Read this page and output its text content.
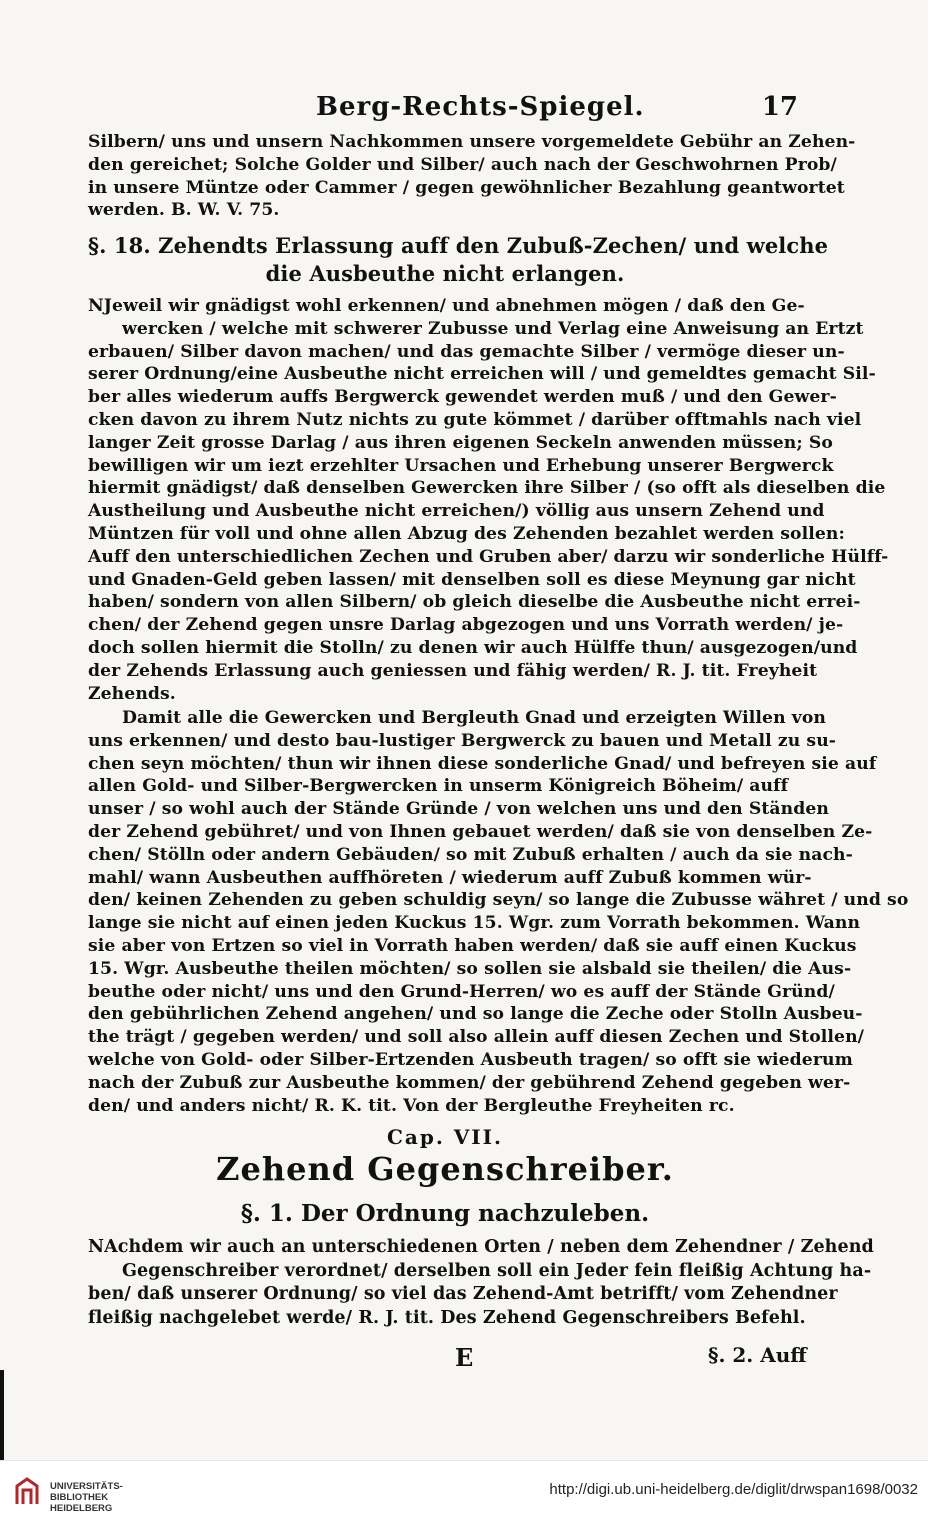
Berg-Rechts-Spiegel.	17
Silbern/ uns und unsern Nachkommen unsere vorgemeldete Gebühr an Zehen-
den gereichet; Solche Golder und Silber/ auch nach der Geschwohrnen Prob/
in unsere Müntze oder Cammer / gegen gewöhnlicher Bezahlung geantwortet
werden. B. W. V. 75.
§. 18. Zehendts Erlassung auff den Zubuß-Zechen/ und welche
die Ausbeuthe nicht erlangen.
NJeweil wir gnädigst wohl erkennen/ und abnehmen mögen / daß den Ge-
wercken / welche mit schwerer Zubusse und Verlag eine Anweisung an Ertzt
erbauen/ Silber davon machen/ und das gemachte Silber / vermöge dieser un-
serer Ordnung/eine Ausbeuthe nicht erreichen will / und gemeldtes gemacht Sil-
ber alles wiederum auffs Bergwerck gewendet werden muß / und den Gewer-
cken davon zu ihrem Nutz nichts zu gute kömmet / darüber offtmahls nach viel
langer Zeit grosse Darlag / aus ihren eigenen Seckeln anwenden müssen; So
bewilligen wir um iezt erzehlter Ursachen und Erhebung unserer Bergwerck
hiermit gnädigst/ daß denselben Gewercken ihre Silber / (so offt als dieselben die
Austheilung und Ausbeuthe nicht erreichen/) völlig aus unsern Zehend und
Müntzen für voll und ohne allen Abzug des Zehenden bezahlet werden sollen:
Auff den unterschiedlichen Zechen und Gruben aber/ darzu wir sonderliche Hülff-
und Gnaden-Geld geben lassen/ mit denselben soll es diese Meynung gar nicht
haben/ sondern von allen Silbern/ ob gleich dieselbe die Ausbeuthe nicht errei-
chen/ der Zehend gegen unsre Darlag abgezogen und uns Vorrath werden/ je-
doch sollen hiermit die Stolln/ zu denen wir auch Hülffe thun/ ausgezogen/und
der Zehends Erlassung auch geniessen und fähig werden/ R. J. tit. Freyheit
Zehends.
Damit alle die Gewercken und Bergleuth Gnad und erzeigten Willen von
uns erkennen/ und desto bau-lustiger Bergwerck zu bauen und Metall zu su-
chen seyn möchten/ thun wir ihnen diese sonderliche Gnad/ und befreyen sie auf
allen Gold- und Silber-Bergwercken in unserm Königreich Böheim/ auff
unser / so wohl auch der Stände Gründe / von welchen uns und den Ständen
der Zehend gebühret/ und von Ihnen gebauet werden/ daß sie von denselben Ze-
chen/ Stölln oder andern Gebäuden/ so mit Zubuß erhalten / auch da sie nach-
mahl/ wann Ausbeuthen auffhöreten / wiederum auff Zubuß kommen wür-
den/ keinen Zehenden zu geben schuldig seyn/ so lange die Zubusse währet / und so
lange sie nicht auf einen jeden Kuckus 15. Wgr. zum Vorrath bekommen. Wann
sie aber von Ertzen so viel in Vorrath haben werden/ daß sie auff einen Kuckus
15. Wgr. Ausbeuthe theilen möchten/ so sollen sie alsbald sie theilen/ die Aus-
beuthe oder nicht/ uns und den Grund-Herren/ wo es auff der Stände Gründ/
den gebührlichen Zehend angehen/ und so lange die Zeche oder Stolln Ausbeu-
the trägt / gegeben werden/ und soll also allein auff diesen Zechen und Stollen/
welche von Gold- oder Silber-Ertzenden Ausbeuth tragen/ so offt sie wiederum
nach der Zubuß zur Ausbeuthe kommen/ der gebührend Zehend gegeben wer-
den/ und anders nicht/ R. K. tit. Von der Bergleuthe Freyheiten rc.
Cap. VII.
Zehend Gegenschreiber.
§. 1. Der Ordnung nachzuleben.
NAchdem wir auch an unterschiedenen Orten / neben dem Zehendner / Zehend
Gegenschreiber verordnet/ derselben soll ein Jeder fein fleißig Achtung ha-
ben/ daß unserer Ordnung/ so viel das Zehend-Amt betrifft/ vom Zehendner
fleißig nachgelebet werde/ R. J. tit. Des Zehend Gegenschreibers Befehl.
E	§. 2. Auff
UNIVERSITÄTS-
BIBLIOTHEK
HEIDELBERG
http://digi.ub.uni-heidelberg.de/diglit/drwspan1698/0032
